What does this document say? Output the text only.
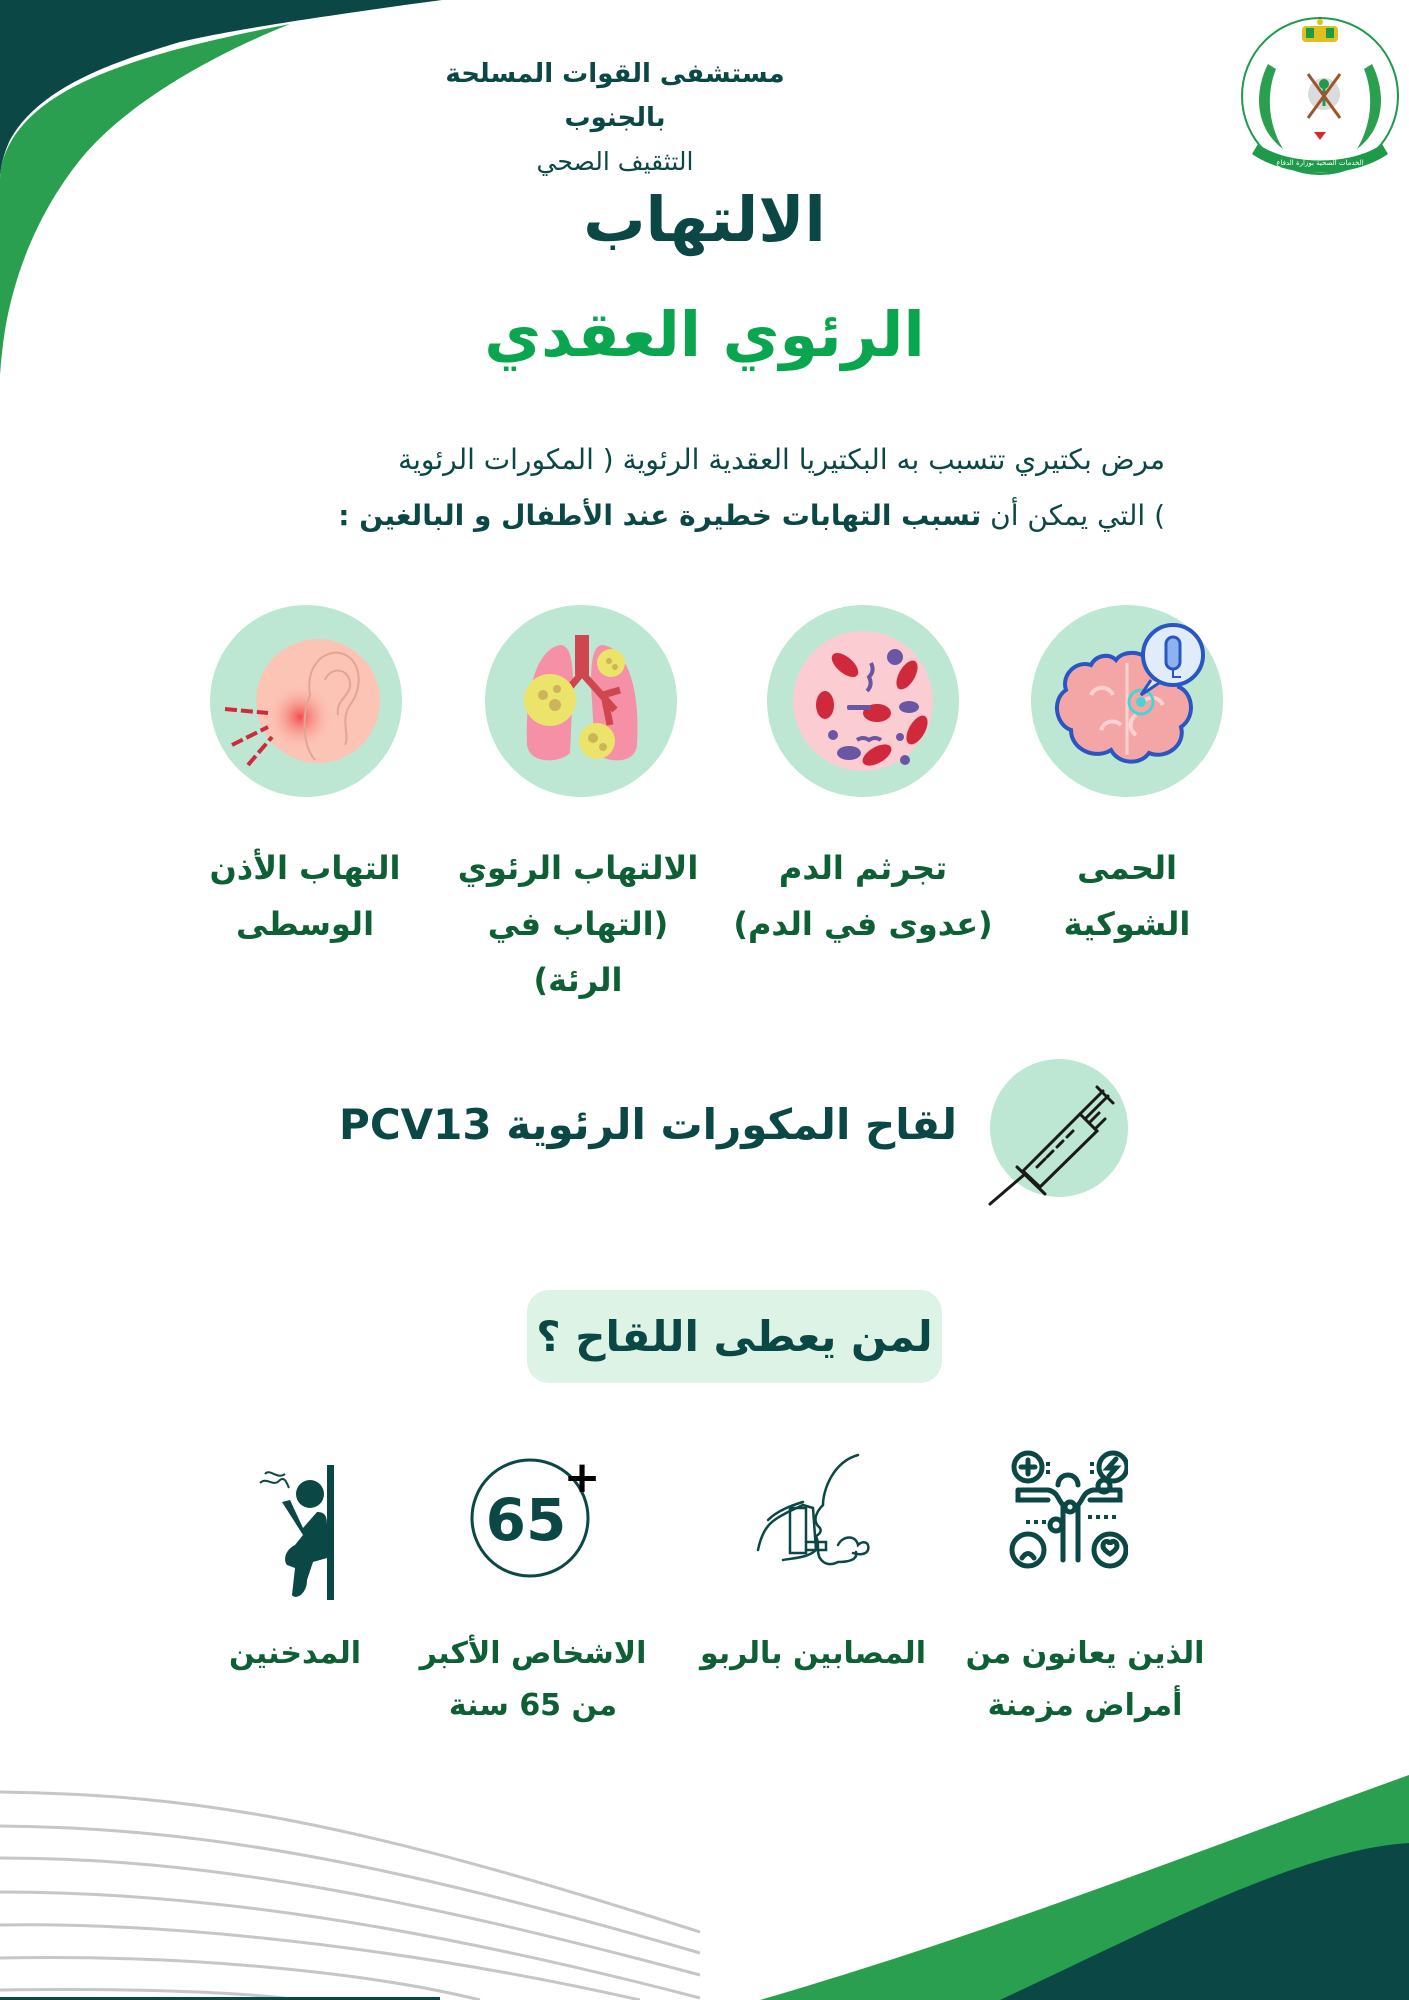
مستشفى القوات المسلحة بالجنوب
التثقيف الصحي	الخدمات الصحية بوزارة الدفاع
الالتهاب
الرئوي العقدي
مرض بكتيري تتسبب به البكتيريا العقدية الرئوية ( المكورات الرئوية
) التي يمكن أن تسبب التهابات خطيرة عند الأطفال و البالغين :
الحمى
الشوكية
تجرثم الدم
(عدوى في الدم)
الالتهاب الرئوي
(التهاب في الرئة)
التهاب الأذن
الوسطى
لقاح المكورات الرئوية PCV13
لمن يعطى اللقاح ؟
65
+
الذين يعانون من
أمراض مزمنة
المصابين بالربو
الاشخاص الأكبر
من 65 سنة
المدخنين
